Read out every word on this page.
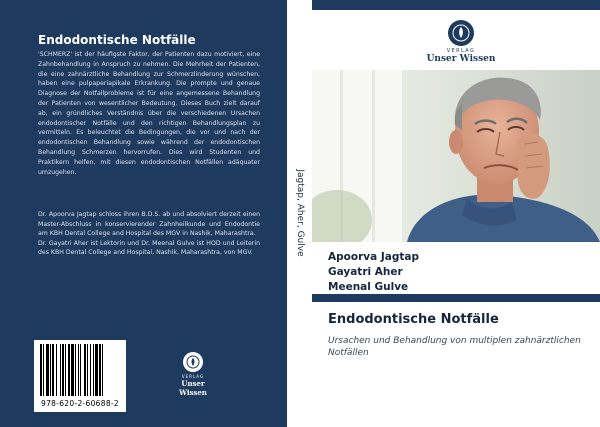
Endodontische Notfälle

'SCHMERZ' ist der häufigste Faktor, der Patienten dazu motiviert, eine Zahnbehandlung in Anspruch zu nehmen. Die Mehrheit der Patienten, die eine zahnärztliche Behandlung zur Schmerzlinderung wünschen, haben eine pulpaperiapikale Erkrankung. Die prompte und genaue Diagnose der Notfallprobleme ist für eine angemessene Behandlung der Patienten von wesentlicher Bedeutung. Dieses Buch zielt darauf ab, ein gründliches Verständnis über die verschiedenen Ursachen endodontischer Notfälle und den richtigen Behandlungsplan zu vermitteln. Es beleuchtet die Bedingungen, die vor und nach der endodontischen Behandlung sowie während der endodontischen Behandlung Schmerzen hervorrufen. Dies wird Studenten und Praktikern helfen, mit diesen endodontischen Notfällen adäquater umzugehen.

Dr. Apoorva Jagtap schloss ihren B.D.S. ab und absolviert derzeit einen Master-Abschluss in konservierender Zahnheilkunde und Endodontie am KBH Dental College and Hospital des MGV in Nashik, Maharashtra.

Dr. Gayatri Aher ist Lektorin und Dr. Meenal Gulve ist HOD und Leiterin des KBH Dental College and Hospital, Nashik, Maharashtra, von MGV.

978-620-2-60688-2
VERLAG
Unser Wissen
Jagtap, Aher, Gulve
VERLAG
Unser Wissen
Apoorva Jagtap
Gayatri Aher
Meenal Gulve
Endodontische Notfälle
Ursachen und Behandlung von multiplen zahnärztlichen Notfällen
